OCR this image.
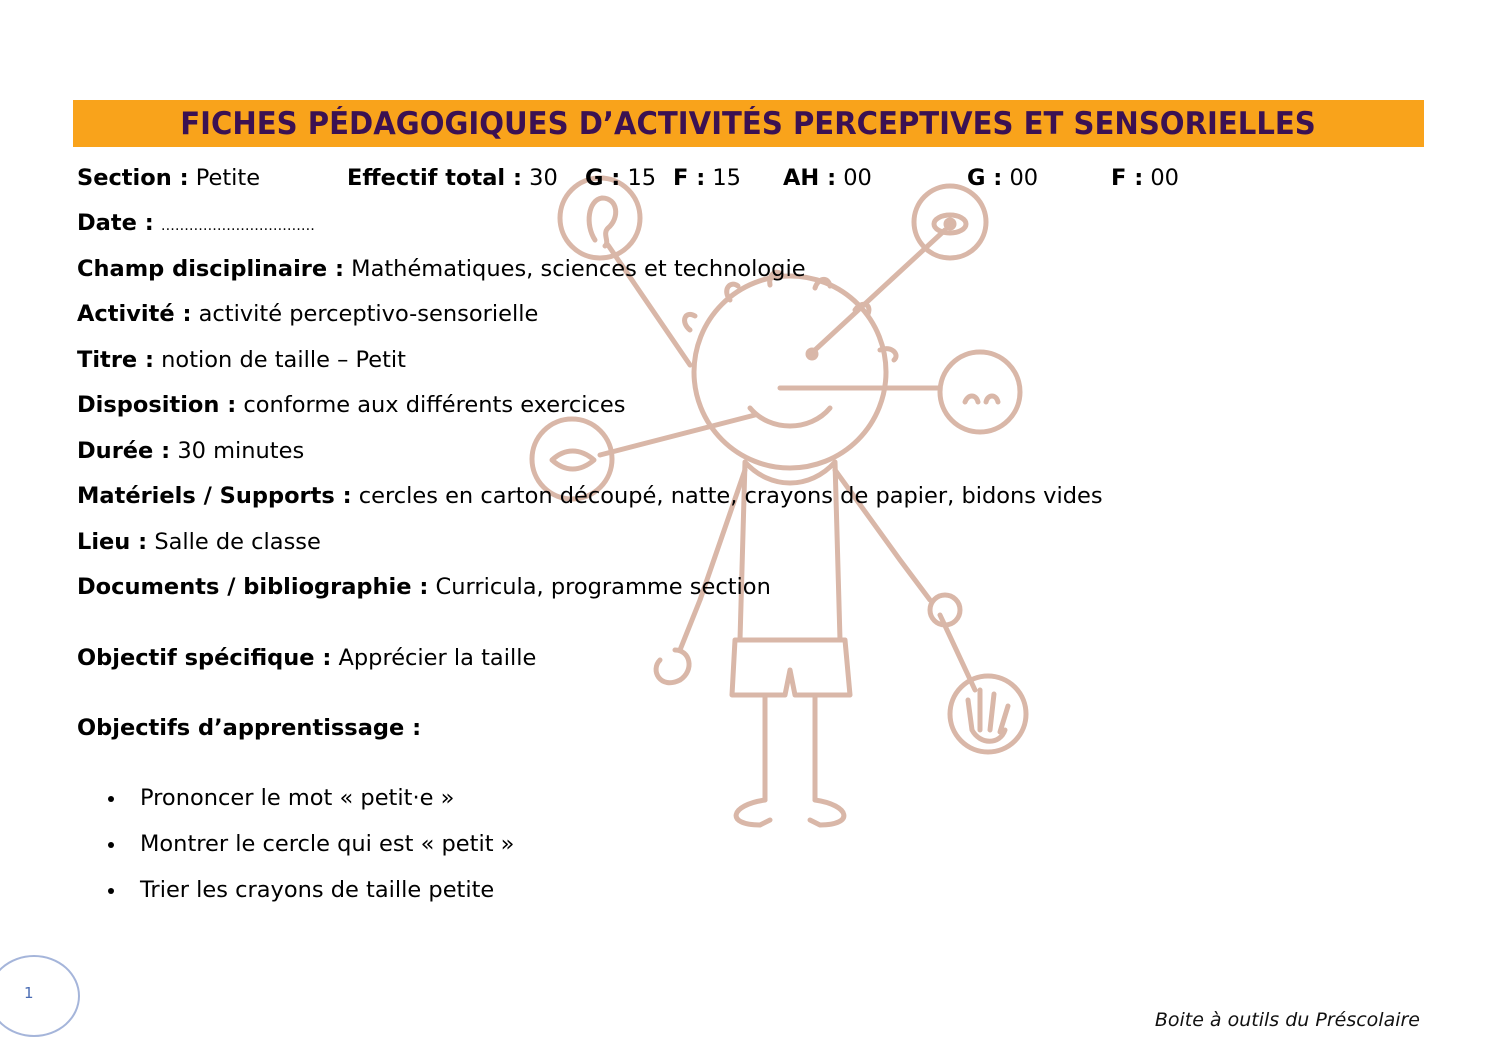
FICHES PÉDAGOGIQUES D’ACTIVITÉS PERCEPTIVES ET SENSORIELLES
Section : Petite	Effectif total : 30 G : 15 F : 15 AH : 00	G : 00	F : 00
Date : ……………………………
Champ disciplinaire : Mathématiques, sciences et technologie
Activité : activité perceptivo-sensorielle
Titre : notion de taille – Petit
Disposition : conforme aux différents exercices
Durée : 30 minutes
Matériels / Supports : cercles en carton découpé, natte, crayons de papier, bidons vides
Lieu : Salle de classe
Documents / bibliographie : Curricula, programme section
Objectif spécifique : Apprécier la taille
Objectifs d’apprentissage :
Prononcer le mot « petit·e »
Montrer le cercle qui est « petit »
Trier les crayons de taille petite
1
Boite à outils du Préscolaire
